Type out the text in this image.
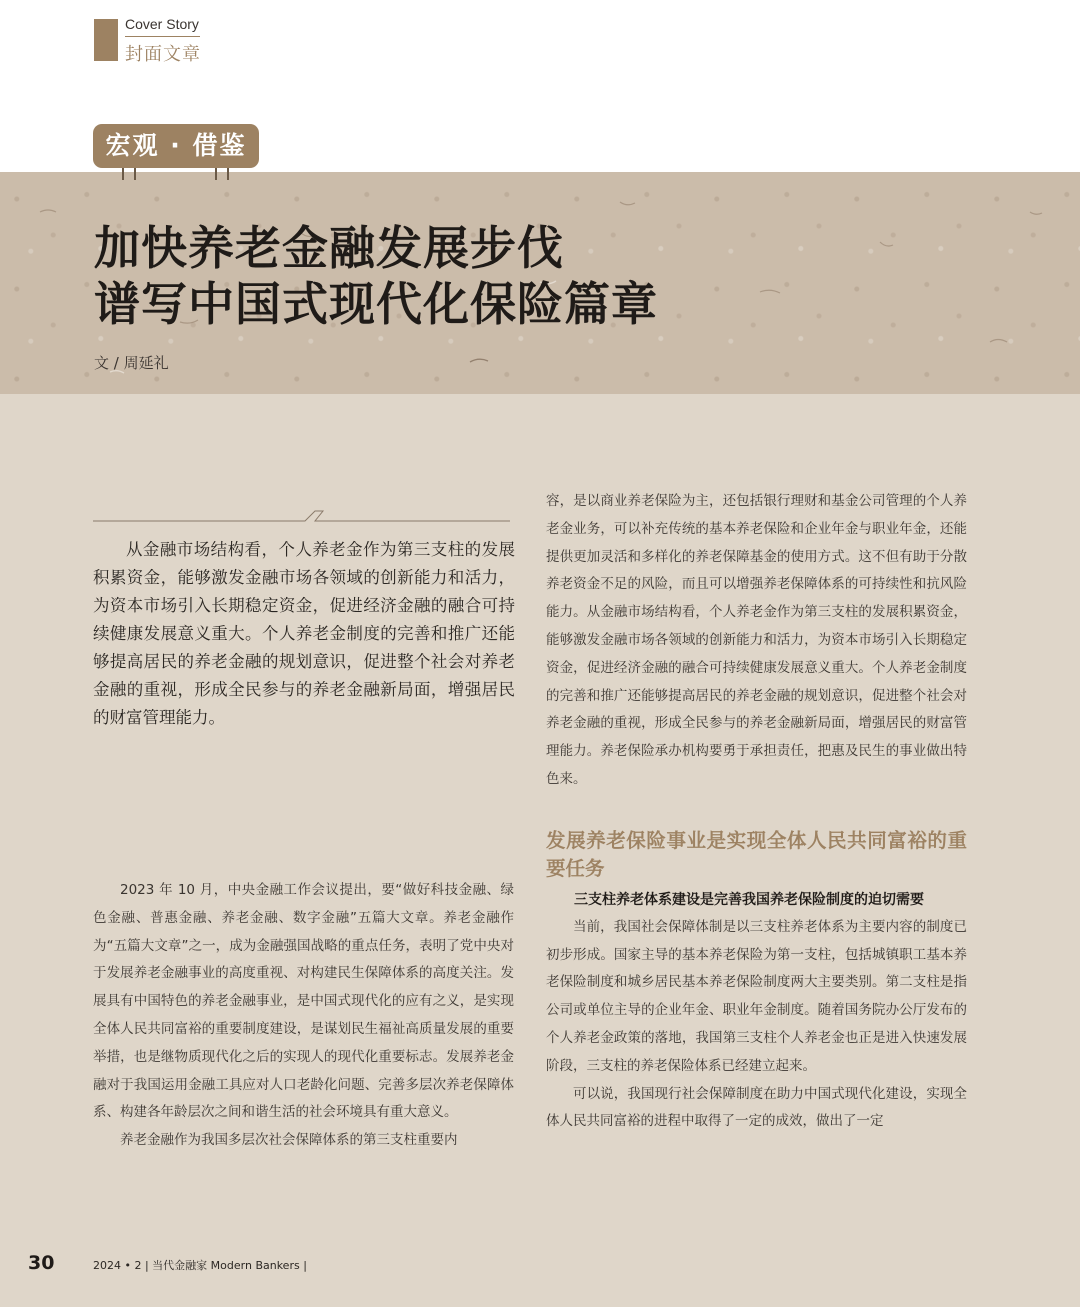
Cover Story
封面文章
宏观 · 借鉴
加快养老金融发展步伐
谱写中国式现代化保险篇章
文 / 周延礼

从金融市场结构看，个人养老金作为第三支柱的发展积累资金，能够激发金融市场各领域的创新能力和活力，为资本市场引入长期稳定资金，促进经济金融的融合可持续健康发展意义重大。个人养老金制度的完善和推广还能够提高居民的养老金融的规划意识，促进整个社会对养老金融的重视，形成全民参与的养老金融新局面，增强居民的财富管理能力。

2023 年 10 月，中央金融工作会议提出，要“做好科技金融、绿色金融、普惠金融、养老金融、数字金融”五篇大文章。养老金融作为“五篇大文章”之一，成为金融强国战略的重点任务，表明了党中央对于发展养老金融事业的高度重视、对构建民生保障体系的高度关注。发展具有中国特色的养老金融事业，是中国式现代化的应有之义，是实现全体人民共同富裕的重要制度建设，是谋划民生福祉高质量发展的重要举措，也是继物质现代化之后的实现人的现代化重要标志。发展养老金融对于我国运用金融工具应对人口老龄化问题、完善多层次养老保障体系、构建各年龄层次之间和谐生活的社会环境具有重大意义。

养老金融作为我国多层次社会保障体系的第三支柱重要内

容，是以商业养老保险为主，还包括银行理财和基金公司管理的个人养老金业务，可以补充传统的基本养老保险和企业年金与职业年金，还能提供更加灵活和多样化的养老保障基金的使用方式。这不但有助于分散养老资金不足的风险，而且可以增强养老保障体系的可持续性和抗风险能力。从金融市场结构看，个人养老金作为第三支柱的发展积累资金，能够激发金融市场各领域的创新能力和活力，为资本市场引入长期稳定资金，促进经济金融的融合可持续健康发展意义重大。个人养老金制度的完善和推广还能够提高居民的养老金融的规划意识，促进整个社会对养老金融的重视，形成全民参与的养老金融新局面，增强居民的财富管理能力。养老保险承办机构要勇于承担责任，把惠及民生的事业做出特色来。

发展养老保险事业是实现全体人民共同富裕的重要任务

三支柱养老体系建设是完善我国养老保险制度的迫切需要

当前，我国社会保障体制是以三支柱养老体系为主要内容的制度已初步形成。国家主导的基本养老保险为第一支柱，包括城镇职工基本养老保险制度和城乡居民基本养老保险制度两大主要类别。第二支柱是指公司或单位主导的企业年金、职业年金制度。随着国务院办公厅发布的个人养老金政策的落地，我国第三支柱个人养老金也正是进入快速发展阶段，三支柱的养老保险体系已经建立起来。

可以说，我国现行社会保障制度在助力中国式现代化建设，实现全体人民共同富裕的进程中取得了一定的成效，做出了一定

30	2024 • 2 | 当代金融家 Modern Bankers |
